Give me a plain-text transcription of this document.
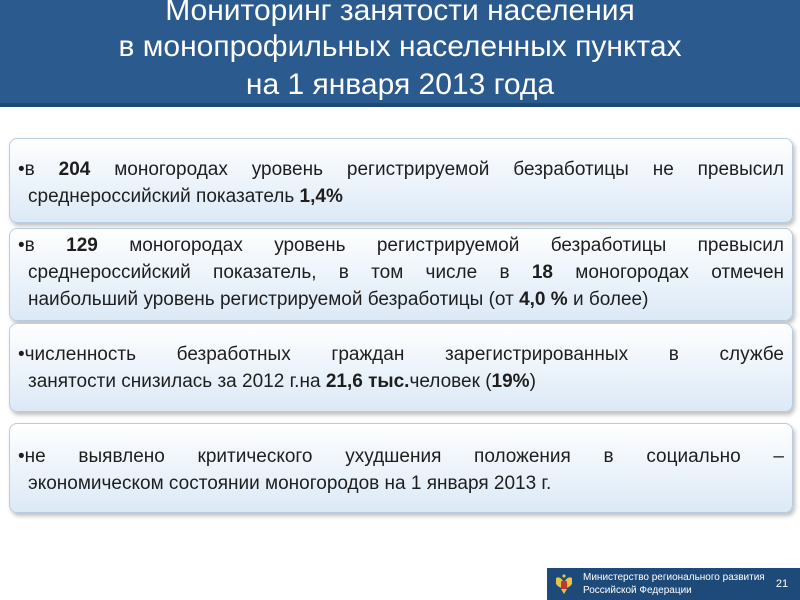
Мониторинг занятости населения
в монопрофильных населенных пунктах
на 1 января 2013 года
•в 204 моногородах уровень регистрируемой безработицы не превысил
среднероссийский показатель 1,4%
•в 129 моногородах уровень регистрируемой безработицы превысил
среднероссийский показатель, в том числе в 18 моногородах отмечен
наибольший уровень регистрируемой безработицы (от 4,0 % и более)
•численность безработных граждан зарегистрированных в службе
занятости снизилась за 2012 г.на 21,6 тыс.человек (19%)
•не выявлено критического ухудшения положения в социально –
экономическом состоянии моногородов на 1 января 2013 г.
Министерство регионального развития
Российской Федерации
21
